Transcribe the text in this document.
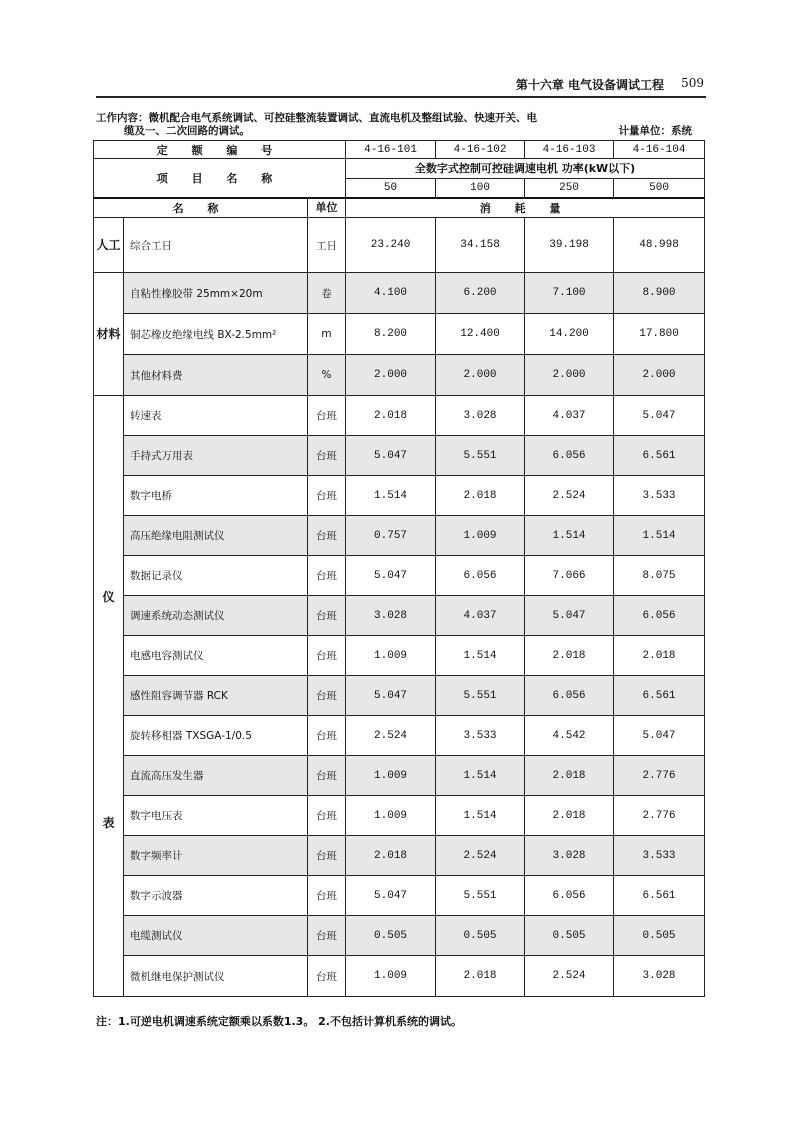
第十六章 电气设备调试工程 509
工作内容：微机配合电气系统调试、可控硅整流装置调试、直流电机及整组试验、快速开关、电
缆及一、二次回路的调试。	计量单位：系统
定 额 编 号			4-16-101	4-16-102	4-16-103	4-16-104
项 目 名 称			全数字式控制可控硅调速电机 功率(kW以下)			
			50	100	250	500
名 称		单位	消 耗 量			
人工	综合工日	工日	23.240	34.158	39.198	48.998
材料	自粘性橡胶带 25mm×20m	卷	4.100	6.200	7.100	8.900
	铜芯橡皮绝缘电线 BX-2.5mm²	m	8.200	12.400	14.200	17.800
	其他材料费	%	2.000	2.000	2.000	2.000

仪
表	转速表	台班	2.018	3.028	4.037	5.047
	手持式万用表	台班	5.047	5.551	6.056	6.561
	数字电桥	台班	1.514	2.018	2.524	3.533
	高压绝缘电阻测试仪	台班	0.757	1.009	1.514	1.514
	数据记录仪	台班	5.047	6.056	7.066	8.075
	调速系统动态测试仪	台班	3.028	4.037	5.047	6.056
	电感电容测试仪	台班	1.009	1.514	2.018	2.018
	感性阻容调节器 RCK	台班	5.047	5.551	6.056	6.561
	旋转移相器 TXSGA-1/0.5	台班	2.524	3.533	4.542	5.047
	直流高压发生器	台班	1.009	1.514	2.018	2.776
	数字电压表	台班	1.009	1.514	2.018	2.776
	数字频率计	台班	2.018	2.524	3.028	3.533
	数字示波器	台班	5.047	5.551	6.056	6.561
	电缆测试仪	台班	0.505	0.505	0.505	0.505
	微机继电保护测试仪	台班	1.009	2.018	2.524	3.028
注：1.可逆电机调速系统定额乘以系数1.3。 2.不包括计算机系统的调试。
